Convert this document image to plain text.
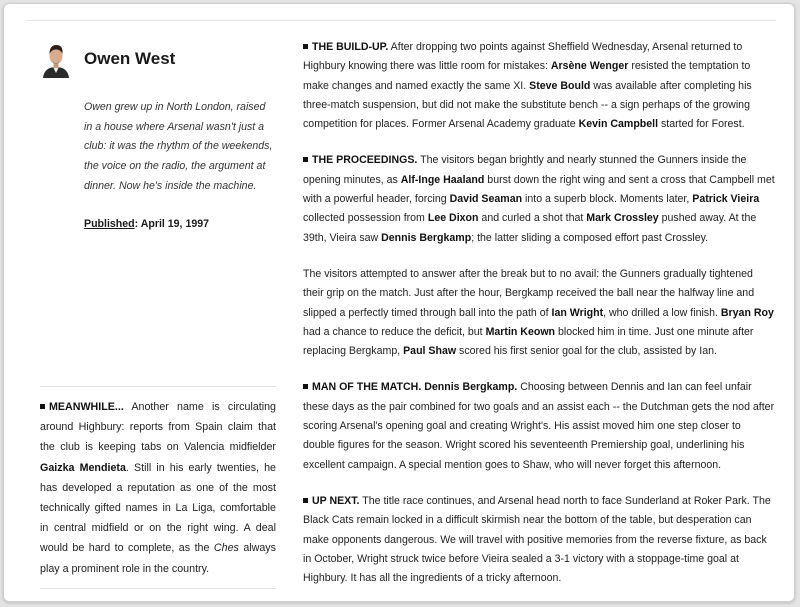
Owen West
Owen grew up in North London, raised in a house where Arsenal wasn't just a club: it was the rhythm of the weekends, the voice on the radio, the argument at dinner. Now he's inside the machine.
Published: April 19, 1997
MEANWHILE... Another name is circulating around Highbury: reports from Spain claim that the club is keeping tabs on Valencia midfielder Gaizka Mendieta. Still in his early twenties, he has developed a reputation as one of the most technically gifted names in La Liga, comfortable in central midfield or on the right wing. A deal would be hard to complete, as the Ches always play a prominent role in the country.

THE BUILD-UP. After dropping two points against Sheffield Wednesday, Arsenal returned to Highbury knowing there was little room for mistakes: Arsène Wenger resisted the temptation to make changes and named exactly the same XI. Steve Bould was available after completing his three-match suspension, but did not make the substitute bench -- a sign perhaps of the growing competition for places. Former Arsenal Academy graduate Kevin Campbell started for Forest.

THE PROCEEDINGS. The visitors began brightly and nearly stunned the Gunners inside the opening minutes, as Alf-Inge Haaland burst down the right wing and sent a cross that Campbell met with a powerful header, forcing David Seaman into a superb block. Moments later, Patrick Vieira collected possession from Lee Dixon and curled a shot that Mark Crossley pushed away. At the 39th, Vieira saw Dennis Bergkamp; the latter sliding a composed effort past Crossley.

The visitors attempted to answer after the break but to no avail: the Gunners gradually tightened their grip on the match. Just after the hour, Bergkamp received the ball near the halfway line and slipped a perfectly timed through ball into the path of Ian Wright, who drilled a low finish. Bryan Roy had a chance to reduce the deficit, but Martin Keown blocked him in time. Just one minute after replacing Bergkamp, Paul Shaw scored his first senior goal for the club, assisted by Ian.

MAN OF THE MATCH. Dennis Bergkamp. Choosing between Dennis and Ian can feel unfair these days as the pair combined for two goals and an assist each -- the Dutchman gets the nod after scoring Arsenal's opening goal and creating Wright's. His assist moved him one step closer to double figures for the season. Wright scored his seventeenth Premiership goal, underlining his excellent campaign. A special mention goes to Shaw, who will never forget this afternoon.

UP NEXT. The title race continues, and Arsenal head north to face Sunderland at Roker Park. The Black Cats remain locked in a difficult skirmish near the bottom of the table, but desperation can make opponents dangerous. We will travel with positive memories from the reverse fixture, as back in October, Wright struck twice before Vieira sealed a 3-1 victory with a stoppage-time goal at Highbury. It has all the ingredients of a tricky afternoon.
